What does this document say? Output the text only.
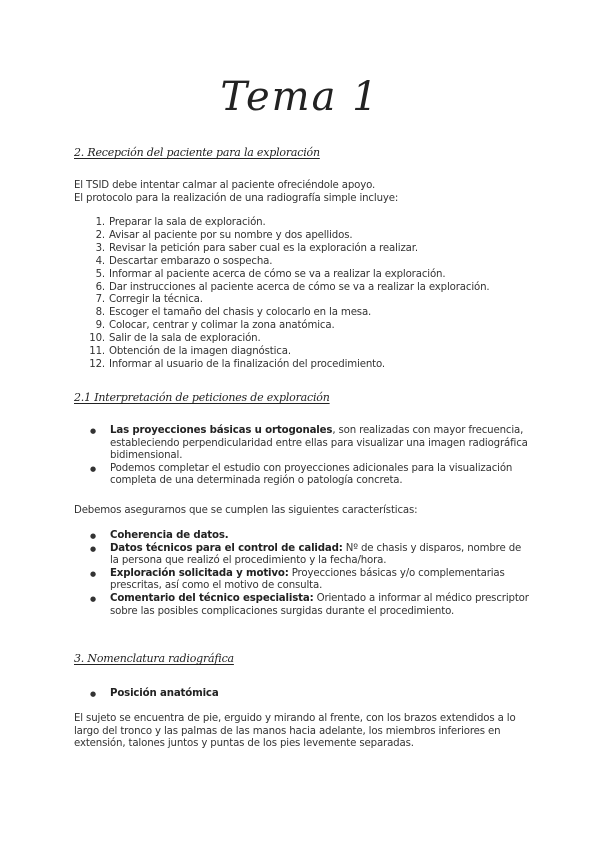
Tema 1
2. Recepción del paciente para la exploración
El TSID debe intentar calmar al paciente ofreciéndole apoyo.
El protocolo para la realización de una radiografía simple incluye:
1. Preparar la sala de exploración.
2. Avisar al paciente por su nombre y dos apellidos.
3. Revisar la petición para saber cual es la exploración a realizar.
4. Descartar embarazo o sospecha.
5. Informar al paciente acerca de cómo se va a realizar la exploración.
6. Dar instrucciones al paciente acerca de cómo se va a realizar la exploración.
7. Corregir la técnica.
8. Escoger el tamaño del chasis y colocarlo en la mesa.
9. Colocar, centrar y colimar la zona anatómica.
10. Salir de la sala de exploración.
11. Obtención de la imagen diagnóstica.
12. Informar al usuario de la finalización del procedimiento.
2.1 Interpretación de peticiones de exploración
● Las proyecciones básicas u ortogonales, son realizadas con mayor frecuencia, estableciendo perpendicularidad entre ellas para visualizar una imagen radiográfica bidimensional.
● Podemos completar el estudio con proyecciones adicionales para la visualización completa de una determinada región o patología concreta.
Debemos asegurarnos que se cumplen las siguientes características:
● Coherencia de datos.
● Datos técnicos para el control de calidad: Nº de chasis y disparos, nombre de la persona que realizó el procedimiento y la fecha/hora.
● Exploración solicitada y motivo: Proyecciones básicas y/o complementarias prescritas, así como el motivo de consulta.
● Comentario del técnico especialista: Orientado a informar al médico prescriptor sobre las posibles complicaciones surgidas durante el procedimiento.
3. Nomenclatura radiográfica
● Posición anatómica
El sujeto se encuentra de pie, erguido y mirando al frente, con los brazos extendidos a lo largo del tronco y las palmas de las manos hacia adelante, los miembros inferiores en extensión, talones juntos y puntas de los pies levemente separadas.
